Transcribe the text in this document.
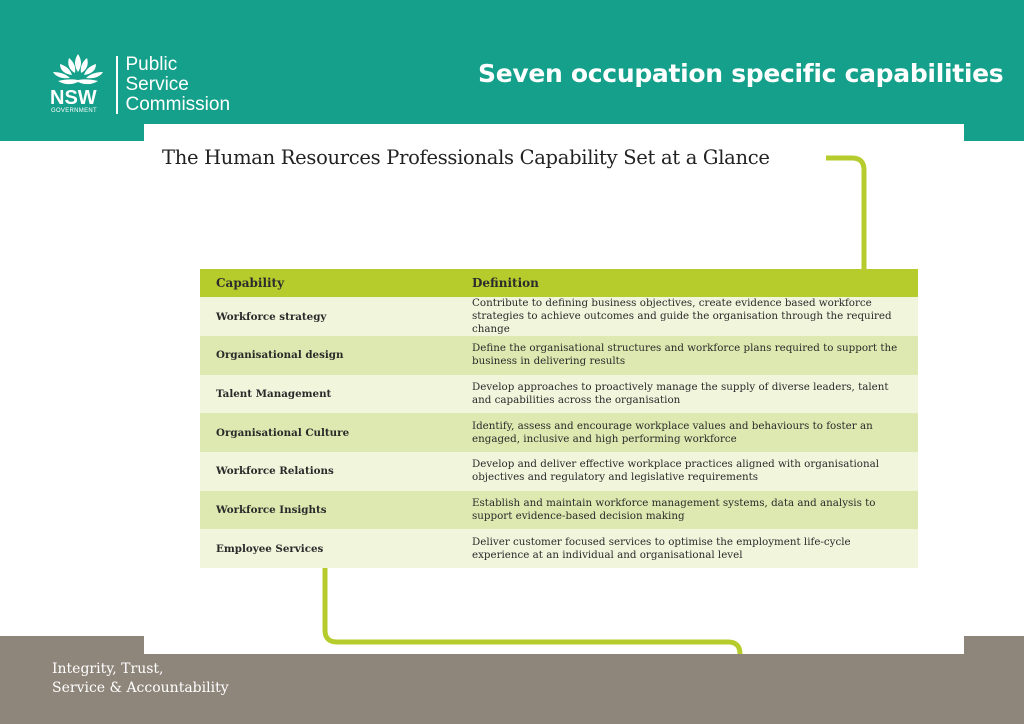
NSW
GOVERNMENT
Public
Service
Commission
Seven occupation specific capabilities
The Human Resources Professionals Capability Set at a Glance
Capability	Definition
Workforce strategy	Contribute to defining business objectives, create evidence based workforce strategies to achieve outcomes and guide the organisation through the required change
Organisational design	Define the organisational structures and workforce plans required to support the business in delivering results
Talent Management	Develop approaches to proactively manage the supply of diverse leaders, talent and capabilities across the organisation
Organisational Culture	Identify, assess and encourage workplace values and behaviours to foster an engaged, inclusive and high performing workforce
Workforce Relations	Develop and deliver effective workplace practices aligned with organisational objectives and regulatory and legislative requirements
Workforce Insights	Establish and maintain workforce management systems, data and analysis to support evidence-based decision making
Employee Services	Deliver customer focused services to optimise the employment life-cycle experience at an individual and organisational level
Integrity, Trust,
Service & Accountability
